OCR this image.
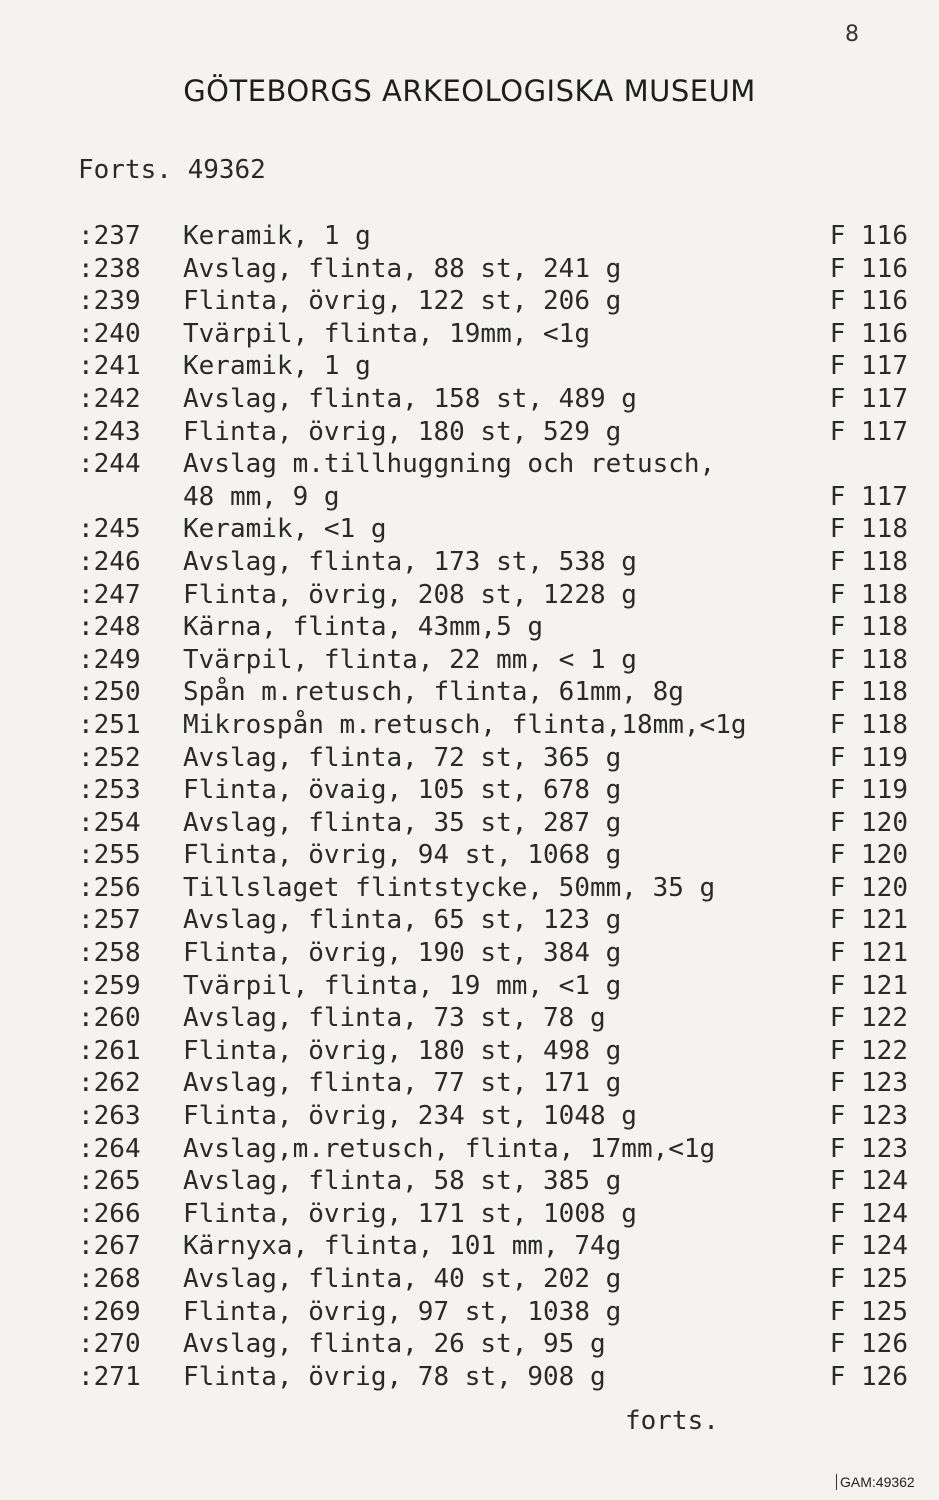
8
GÖTEBORGS ARKEOLOGISKA MUSEUM
Forts. 49362
:237 Keramik, 1 g	F 116
:238 Avslag, flinta, 88 st, 241 g	F 116
:239 Flinta, övrig, 122 st, 206 g	F 116
:240 Tvärpil, flinta, 19mm, <1g	F 116
:241 Keramik, 1 g	F 117
:242 Avslag, flinta, 158 st, 489 g	F 117
:243 Flinta, övrig, 180 st, 529 g	F 117
:244 Avslag m.tillhuggning och retusch,
48 mm, 9 g	F 117
:245 Keramik, <1 g	F 118
:246 Avslag, flinta, 173 st, 538 g	F 118
:247 Flinta, övrig, 208 st, 1228 g	F 118
:248 Kärna, flinta, 43mm,5 g	F 118
:249 Tvärpil, flinta, 22 mm, < 1 g	F 118
:250 Spån m.retusch, flinta, 61mm, 8g	F 118
:251 Mikrospån m.retusch, flinta,18mm,<1g	F 118
:252 Avslag, flinta, 72 st, 365 g	F 119
:253 Flinta, övaig, 105 st, 678 g	F 119
:254 Avslag, flinta, 35 st, 287 g	F 120
:255 Flinta, övrig, 94 st, 1068 g	F 120
:256 Tillslaget flintstycke, 50mm, 35 g	F 120
:257 Avslag, flinta, 65 st, 123 g	F 121
:258 Flinta, övrig, 190 st, 384 g	F 121
:259 Tvärpil, flinta, 19 mm, <1 g	F 121
:260 Avslag, flinta, 73 st, 78 g	F 122
:261 Flinta, övrig, 180 st, 498 g	F 122
:262 Avslag, flinta, 77 st, 171 g	F 123
:263 Flinta, övrig, 234 st, 1048 g	F 123
:264 Avslag,m.retusch, flinta, 17mm,<1g	F 123
:265 Avslag, flinta, 58 st, 385 g	F 124
:266 Flinta, övrig, 171 st, 1008 g	F 124
:267 Kärnyxa, flinta, 101 mm, 74g	F 124
:268 Avslag, flinta, 40 st, 202 g	F 125
:269 Flinta, övrig, 97 st, 1038 g	F 125
:270 Avslag, flinta, 26 st, 95 g	F 126
:271 Flinta, övrig, 78 st, 908 g	F 126
forts.
GAM:49362
